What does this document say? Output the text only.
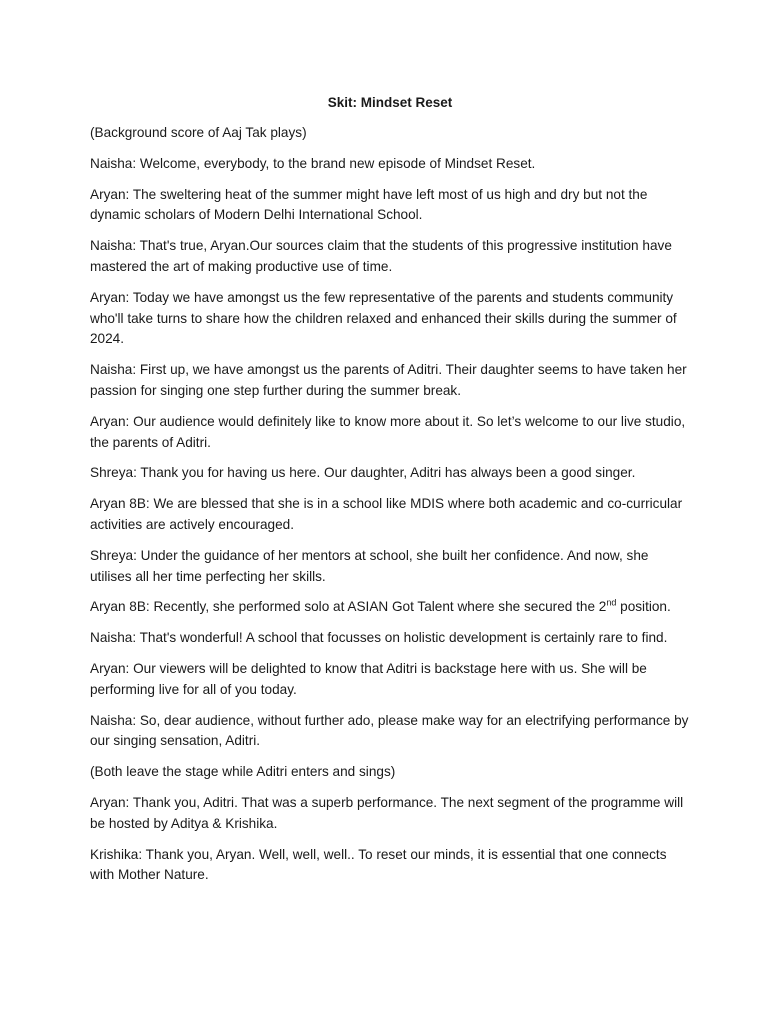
Skit: Mindset Reset

(Background score of Aaj Tak plays)

Naisha: Welcome, everybody, to the brand new episode of Mindset Reset.

Aryan: The sweltering heat of the summer might have left most of us high and dry but not the dynamic scholars of Modern Delhi International School.

Naisha: That's true, Aryan.Our sources claim that the students of this progressive institution have mastered the art of making productive use of time.

Aryan: Today we have amongst us the few representative of the parents and students community who'll take turns to share how the children relaxed and enhanced their skills during the summer of 2024.

Naisha: First up, we have amongst us the parents of Aditri. Their daughter seems to have taken her passion for singing one step further during the summer break.

Aryan: Our audience would definitely like to know more about it. So let’s welcome to our live studio, the parents of Aditri.

Shreya: Thank you for having us here. Our daughter, Aditri has always been a good singer.

Aryan 8B: We are blessed that she is in a school like MDIS where both academic and co-curricular activities are actively encouraged.

Shreya: Under the guidance of her mentors at school, she built her confidence. And now, she utilises all her time perfecting her skills.

Aryan 8B: Recently, she performed solo at ASIAN Got Talent where she secured the 2nd position.

Naisha: That's wonderful! A school that focusses on holistic development is certainly rare to find.

Aryan: Our viewers will be delighted to know that Aditri is backstage here with us. She will be performing live for all of you today.

Naisha: So, dear audience, without further ado, please make way for an electrifying performance by our singing sensation, Aditri.

(Both leave the stage while Aditri enters and sings)

Aryan: Thank you, Aditri. That was a superb performance. The next segment of the programme will be hosted by Aditya & Krishika.

Krishika: Thank you, Aryan. Well, well, well.. To reset our minds, it is essential that one connects with Mother Nature.
